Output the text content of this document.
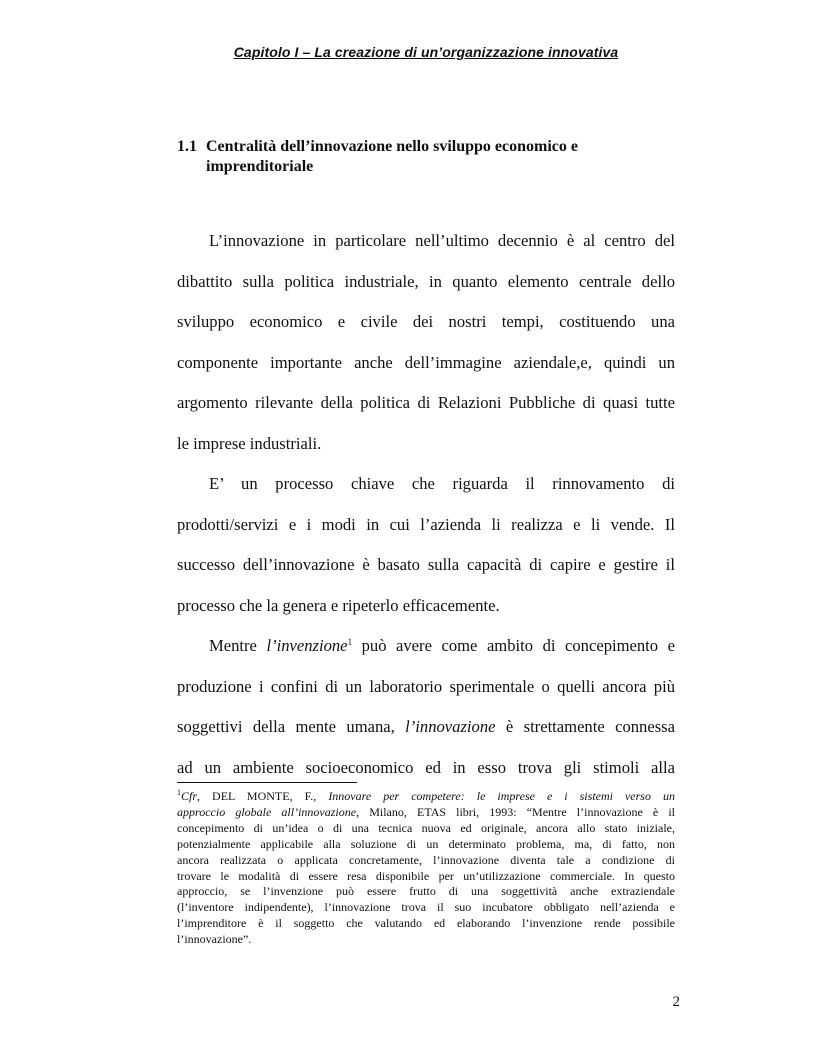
Capitolo I – La creazione di un’organizzazione innovativa
1.1 Centralità dell’innovazione nello sviluppo economico e
imprenditoriale
L’innovazione in particolare nell’ultimo decennio è al centro del
dibattito sulla politica industriale, in quanto elemento centrale dello
sviluppo economico e civile dei nostri tempi, costituendo una
componente importante anche dell’immagine aziendale,e, quindi un
argomento rilevante della politica di Relazioni Pubbliche di quasi tutte
le imprese industriali.
E’ un processo chiave che riguarda il rinnovamento di
prodotti/servizi e i modi in cui l’azienda li realizza e li vende. Il
successo dell’innovazione è basato sulla capacità di capire e gestire il
processo che la genera e ripeterlo efficacemente.
Mentre l’invenzione$^1$ può avere come ambito di concepimento e
produzione i confini di un laboratorio sperimentale o quelli ancora più
soggettivi della mente umana, l’innovazione è strettamente connessa
ad un ambiente socioeconomico ed in esso trova gli stimoli alla
$^1$Cfr, DEL MONTE, F., Innovare per competere: le imprese e i sistemi verso un
approccio globale all’innovazione, Milano, ETAS libri, 1993: “Mentre l’innovazione è il
concepimento di un’idea o di una tecnica nuova ed originale, ancora allo stato iniziale,
potenzialmente applicabile alla soluzione di un determinato problema, ma, di fatto, non
ancora realizzata o applicata concretamente, l’innovazione diventa tale a condizione di
trovare le modalità di essere resa disponibile per un’utilizzazione commerciale. In questo
approccio, se l’invenzione può essere frutto di una soggettività anche extraziendale
(l’inventore indipendente), l’innovazione trova il suo incubatore obbligato nell’azienda e
l’imprenditore è il soggetto che valutando ed elaborando l’invenzione rende possibile
l’innovazione”.
2
